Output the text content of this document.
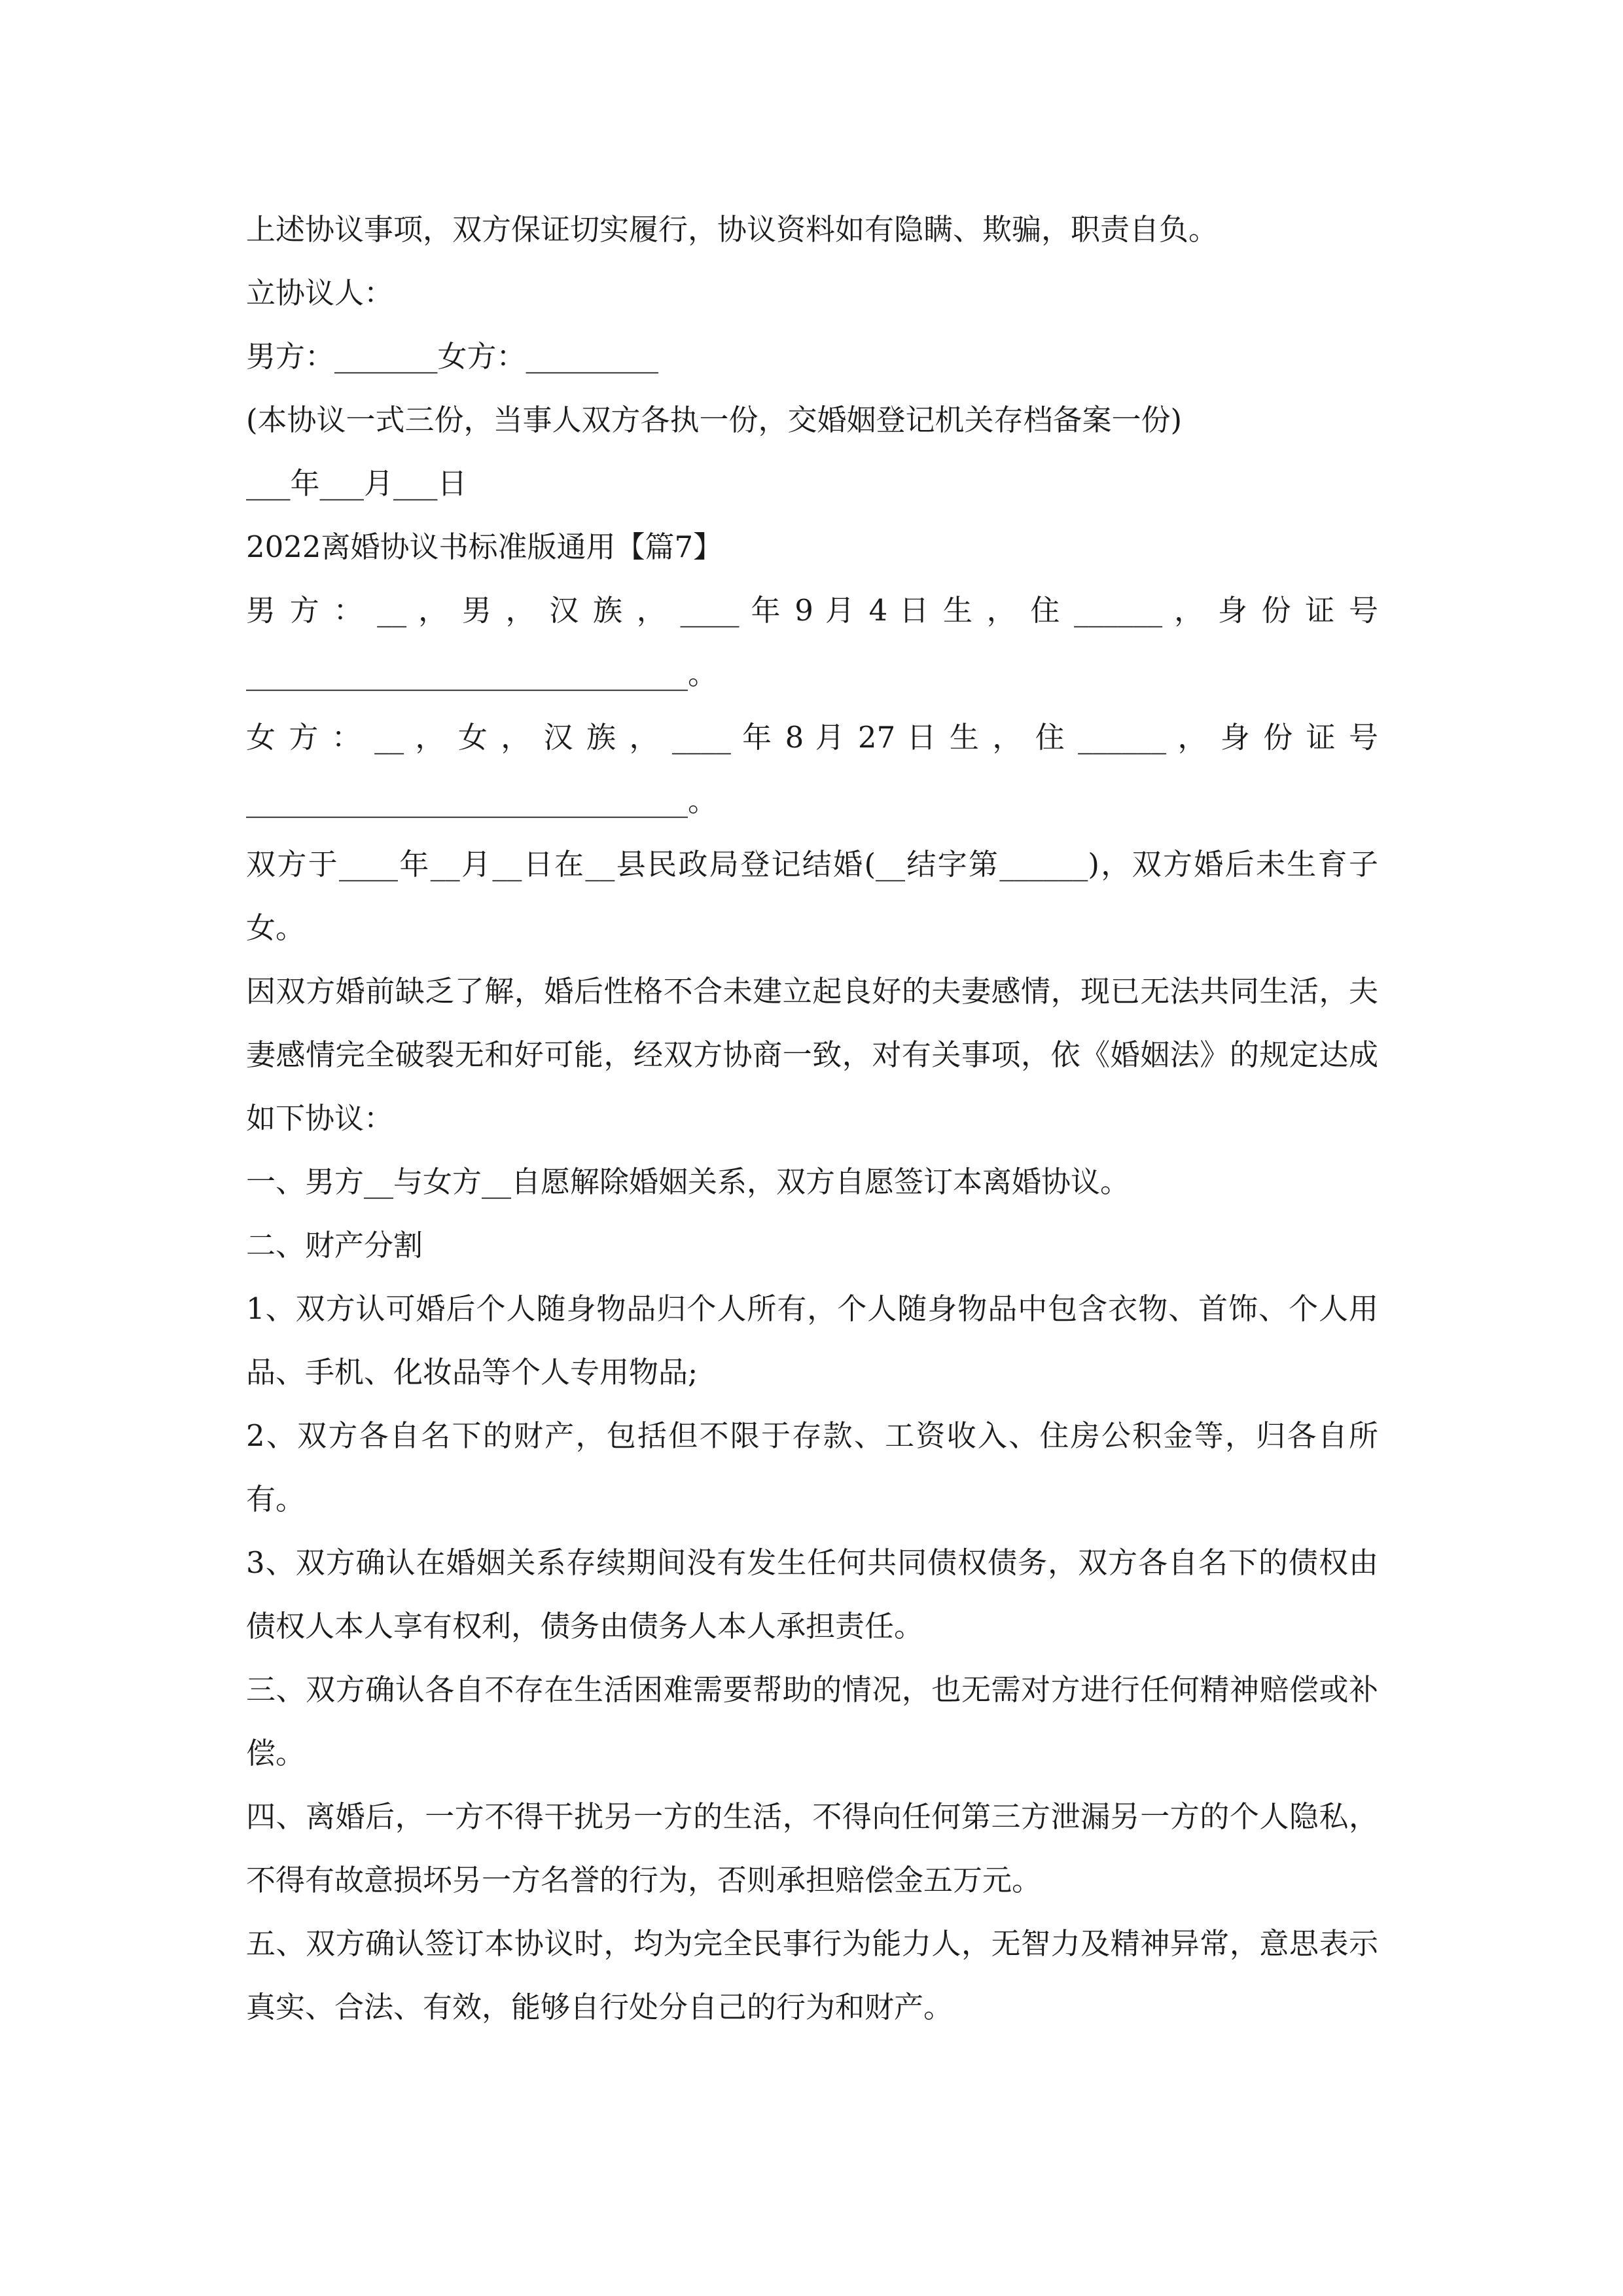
上述协议事项，双方保证切实履行，协议资料如有隐瞒、欺骗，职责自负。
立协议人：
男方：_______女方：_________
(本协议一式三份，当事人双方各执一份，交婚姻登记机关存档备案一份)
___年___月___日
2022离婚协议书标准版通用【篇7】
男 方 ： __ ， 男 ， 汉 族 ， ____ 年 9 月 4 日 生 ， 住 ______ ， 身 份 证 号
______________________________。
女 方 ： __ ， 女 ， 汉 族 ， ____ 年 8 月 27 日 生 ， 住 ______ ， 身 份 证 号
______________________________。
双方于____年__月__日在__县民政局登记结婚(__结字第______)，双方婚后未生育子女。
因双方婚前缺乏了解，婚后性格不合未建立起良好的夫妻感情，现已无法共同生活，夫妻感情完全破裂无和好可能，经双方协商一致，对有关事项，依《婚姻法》的规定达成如下协议：
一、男方__与女方__自愿解除婚姻关系，双方自愿签订本离婚协议。
二、财产分割
1、双方认可婚后个人随身物品归个人所有，个人随身物品中包含衣物、首饰、个人用品、手机、化妆品等个人专用物品;
2、双方各自名下的财产，包括但不限于存款、工资收入、住房公积金等，归各自所有。
3、双方确认在婚姻关系存续期间没有发生任何共同债权债务，双方各自名下的债权由债权人本人享有权利，债务由债务人本人承担责任。
三、双方确认各自不存在生活困难需要帮助的情况，也无需对方进行任何精神赔偿或补偿。
四、离婚后，一方不得干扰另一方的生活，不得向任何第三方泄漏另一方的个人隐私，不得有故意损坏另一方名誉的行为，否则承担赔偿金五万元。
五、双方确认签订本协议时，均为完全民事行为能力人，无智力及精神异常，意思表示真实、合法、有效，能够自行处分自己的行为和财产。
